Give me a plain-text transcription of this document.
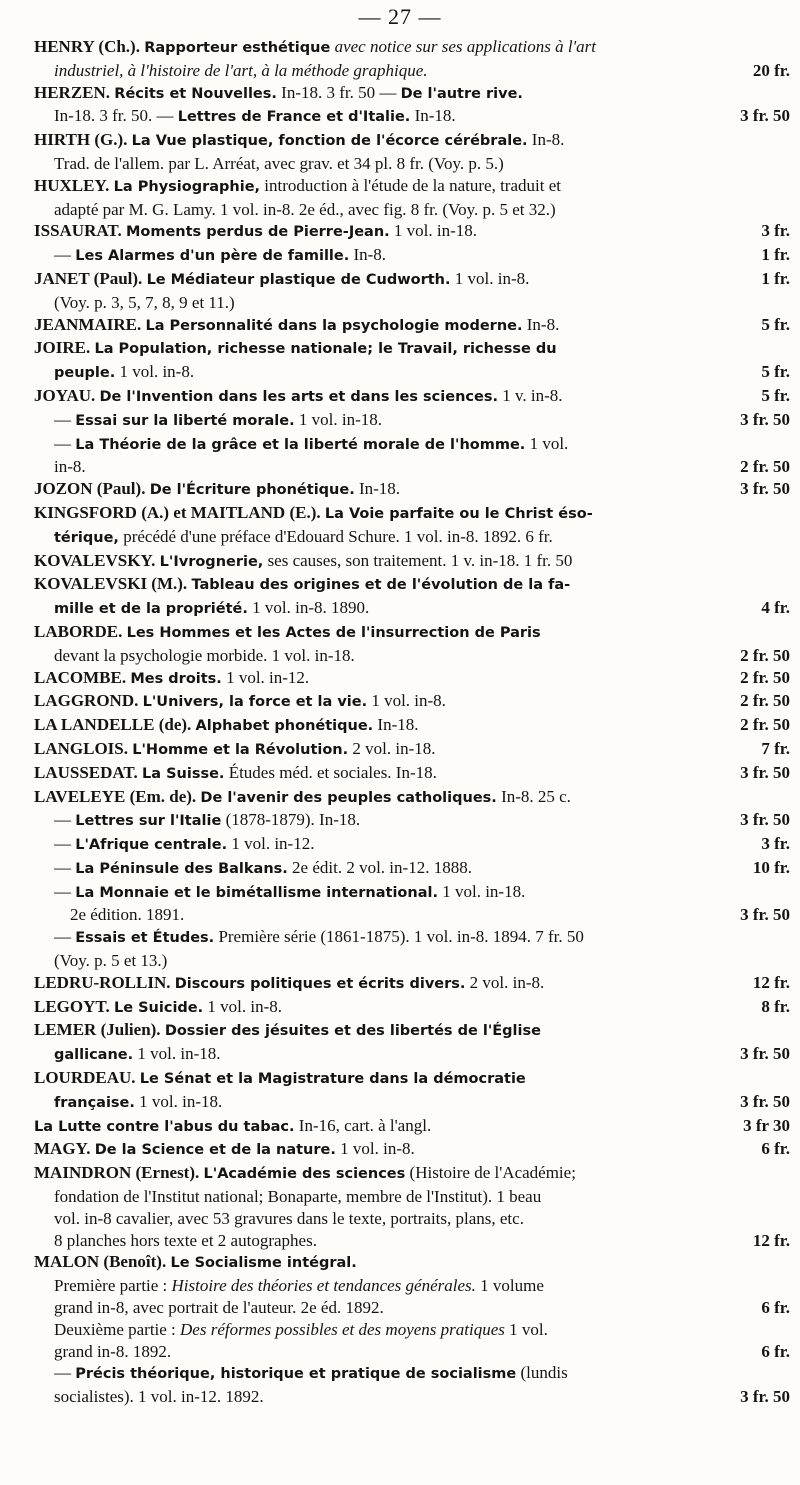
— 27 —
HENRY (Ch.). Rapporteur esthétique avec notice sur ses applications à l'art
industriel, à l'histoire de l'art, à la méthode graphique.	20 fr.
HERZEN. Récits et Nouvelles. In-18. 3 fr. 50 — De l'autre rive.
In-18. 3 fr. 50. — Lettres de France et d'Italie. In-18.	3 fr. 50
HIRTH (G.). La Vue plastique, fonction de l'écorce cérébrale. In-8.
Trad. de l'allem. par L. Arréat, avec grav. et 34 pl. 8 fr. (Voy. p. 5.)
HUXLEY. La Physiographie, introduction à l'étude de la nature, traduit et
adapté par M. G. Lamy. 1 vol. in-8. 2e éd., avec fig. 8 fr. (Voy. p. 5 et 32.)
ISSAURAT. Moments perdus de Pierre-Jean. 1 vol. in-18.	3 fr.
— Les Alarmes d'un père de famille. In-8.	1 fr.
JANET (Paul). Le Médiateur plastique de Cudworth. 1 vol. in-8.	1 fr.
(Voy. p. 3, 5, 7, 8, 9 et 11.)
JEANMAIRE. La Personnalité dans la psychologie moderne. In-8.	5 fr.
JOIRE. La Population, richesse nationale; le Travail, richesse du
peuple. 1 vol. in-8.	5 fr.
JOYAU. De l'Invention dans les arts et dans les sciences. 1 v. in-8.	5 fr.
— Essai sur la liberté morale. 1 vol. in-18.	3 fr. 50
— La Théorie de la grâce et la liberté morale de l'homme. 1 vol.
in-8.	2 fr. 50
JOZON (Paul). De l'Écriture phonétique. In-18.	3 fr. 50
KINGSFORD (A.) et MAITLAND (E.). La Voie parfaite ou le Christ éso-
térique, précédé d'une préface d'Edouard Schure. 1 vol. in-8. 1892. 6 fr.
KOVALEVSKY. L'Ivrognerie, ses causes, son traitement. 1 v. in-18. 1 fr. 50
KOVALEVSKI (M.). Tableau des origines et de l'évolution de la fa-
mille et de la propriété. 1 vol. in-8. 1890.	4 fr.
LABORDE. Les Hommes et les Actes de l'insurrection de Paris
devant la psychologie morbide. 1 vol. in-18.	2 fr. 50
LACOMBE. Mes droits. 1 vol. in-12.	2 fr. 50
LAGGROND. L'Univers, la force et la vie. 1 vol. in-8.	2 fr. 50
LA LANDELLE (de). Alphabet phonétique. In-18.	2 fr. 50
LANGLOIS. L'Homme et la Révolution. 2 vol. in-18.	7 fr.
LAUSSEDAT. La Suisse. Études méd. et sociales. In-18.	3 fr. 50
LAVELEYE (Em. de). De l'avenir des peuples catholiques. In-8. 25 c.
— Lettres sur l'Italie (1878-1879). In-18.	3 fr. 50
— L'Afrique centrale. 1 vol. in-12.	3 fr.
— La Péninsule des Balkans. 2e édit. 2 vol. in-12. 1888.	10 fr.
— La Monnaie et le bimétallisme international. 1 vol. in-18.
2e édition. 1891.	3 fr. 50
— Essais et Études. Première série (1861-1875). 1 vol. in-8. 1894. 7 fr. 50
(Voy. p. 5 et 13.)
LEDRU-ROLLIN. Discours politiques et écrits divers. 2 vol. in-8.	12 fr.
LEGOYT. Le Suicide. 1 vol. in-8.	8 fr.
LEMER (Julien). Dossier des jésuites et des libertés de l'Église
gallicane. 1 vol. in-18.	3 fr. 50
LOURDEAU. Le Sénat et la Magistrature dans la démocratie
française. 1 vol. in-18.	3 fr. 50
La Lutte contre l'abus du tabac. In-16, cart. à l'angl.	3 fr 30
MAGY. De la Science et de la nature. 1 vol. in-8.	6 fr.
MAINDRON (Ernest). L'Académie des sciences (Histoire de l'Académie;
fondation de l'Institut national; Bonaparte, membre de l'Institut). 1 beau
vol. in-8 cavalier, avec 53 gravures dans le texte, portraits, plans, etc.
8 planches hors texte et 2 autographes.	12 fr.
MALON (Benoît). Le Socialisme intégral.
Première partie : Histoire des théories et tendances générales. 1 volume
grand in-8, avec portrait de l'auteur. 2e éd. 1892.	6 fr.
Deuxième partie : Des réformes possibles et des moyens pratiques 1 vol.
grand in-8. 1892.	6 fr.
— Précis théorique, historique et pratique de socialisme (lundis
socialistes). 1 vol. in-12. 1892.	3 fr. 50
